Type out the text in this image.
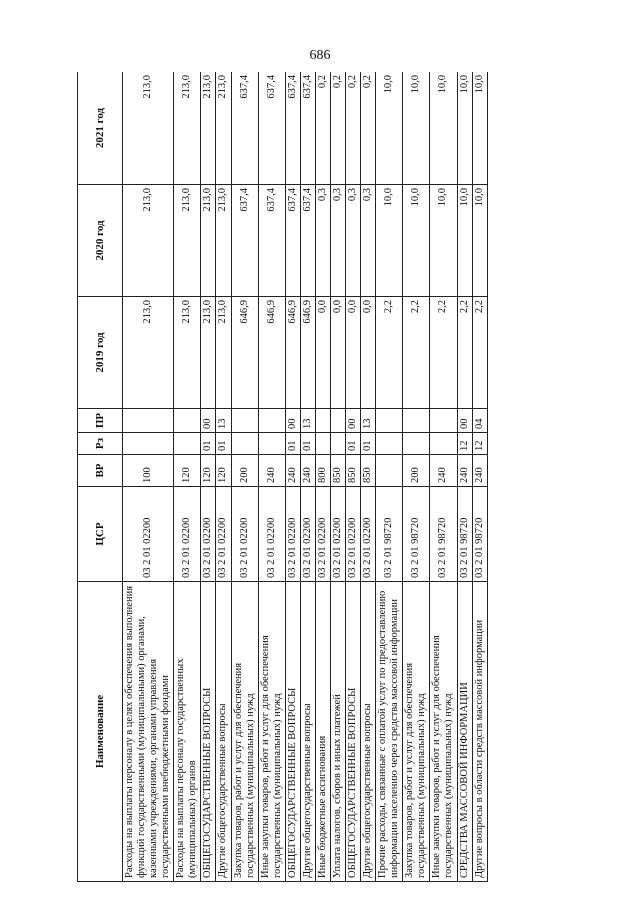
686
Наименование	ЦСР	ВР	Рз	ПР	2019 год	2020 год	2021 год
Расходы на выплаты персоналу в целях обеспечения выполнения функций государственными (муниципальными) органами, казенными учреждениями, органами управления государственными внебюджетными фондами	03 2 01 02200	100			213,0	213,0	213,0
Расходы на выплаты персоналу государственных (муниципальных) органов	03 2 01 02200	120			213,0	213,0	213,0
ОБЩЕГОСУДАРСТВЕННЫЕ ВОПРОСЫ	03 2 01 02200	120	01	00	213,0	213,0	213,0
Другие общегосударственные вопросы	03 2 01 02200	120	01	13	213,0	213,0	213,0
Закупка товаров, работ и услуг для обеспечения государственных (муниципальных) нужд	03 2 01 02200	200			646,9	637,4	637,4
Иные закупки товаров, работ и услуг для обеспечения государственных (муниципальных) нужд	03 2 01 02200	240			646,9	637,4	637,4
ОБЩЕГОСУДАРСТВЕННЫЕ ВОПРОСЫ	03 2 01 02200	240	01	00	646,9	637,4	637,4
Другие общегосударственные вопросы	03 2 01 02200	240	01	13	646,9	637,4	637,4
Иные бюджетные ассигнования	03 2 01 02200	800			0,0	0,3	0,2
Уплата налогов, сборов и иных платежей	03 2 01 02200	850			0,0	0,3	0,2
ОБЩЕГОСУДАРСТВЕННЫЕ ВОПРОСЫ	03 2 01 02200	850	01	00	0,0	0,3	0,2
Другие общегосударственные вопросы	03 2 01 02200	850	01	13	0,0	0,3	0,2
Прочие расходы, связанные с оплатой услуг по предоставлению информации населению через средства массовой информации	03 2 01 98720				2,2	10,0	10,0
Закупка товаров, работ и услуг для обеспечения государственных (муниципальных) нужд	03 2 01 98720	200			2,2	10,0	10,0
Иные закупки товаров, работ и услуг для обеспечения государственных (муниципальных) нужд	03 2 01 98720	240			2,2	10,0	10,0
СРЕДСТВА МАССОВОЙ ИНФОРМАЦИИ	03 2 01 98720	240	12	00	2,2	10,0	10,0
Другие вопросы в области средств массовой информации	03 2 01 98720	240	12	04	2,2	10,0	10,0
